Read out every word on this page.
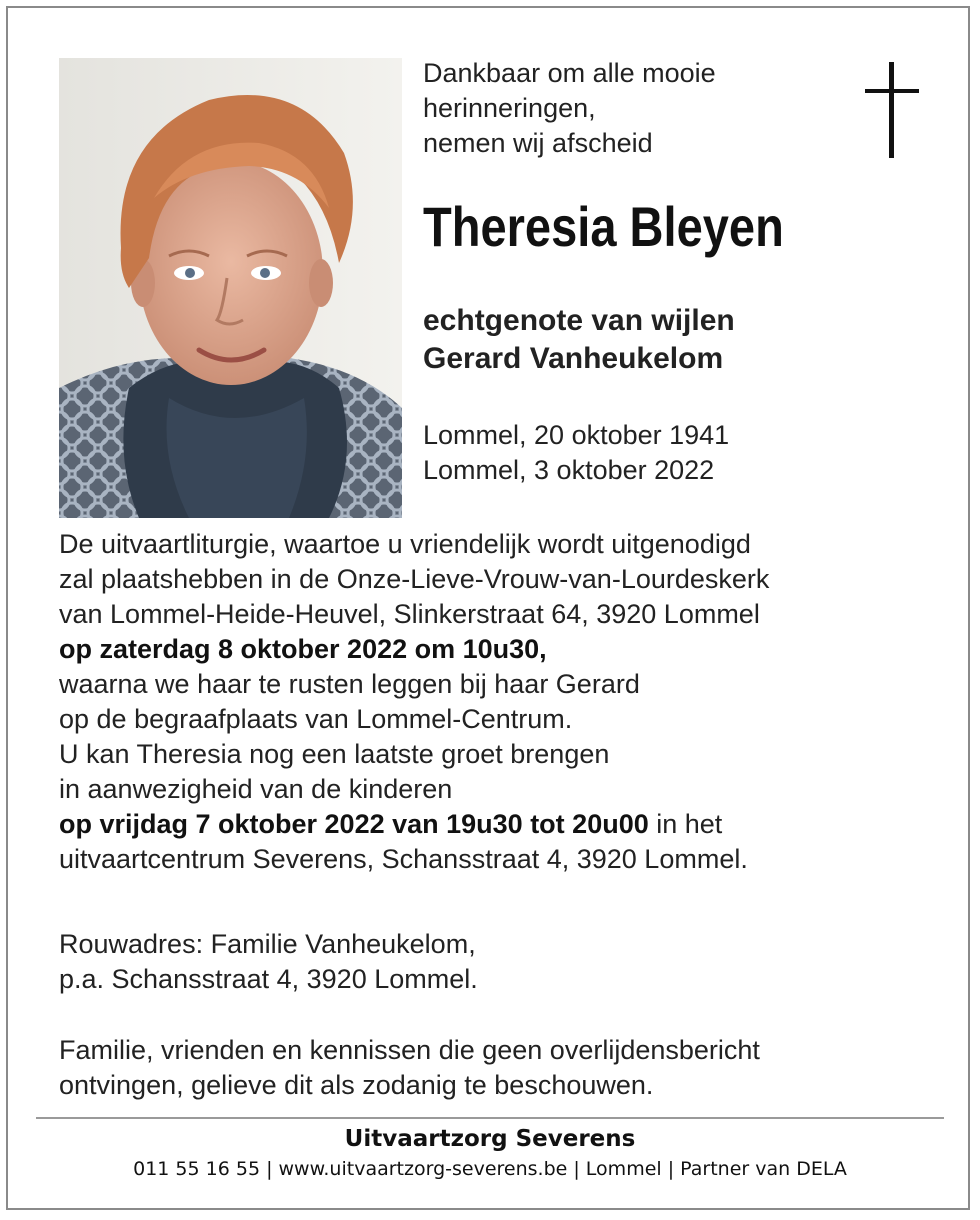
Dankbaar om alle mooie
herinneringen,
nemen wij afscheid
Theresia Bleyen
echtgenote van wijlen
Gerard Vanheukelom
Lommel, 20 oktober 1941
Lommel, 3 oktober 2022
De uitvaartliturgie, waartoe u vriendelijk wordt uitgenodigd
zal plaatshebben in de Onze-Lieve-Vrouw-van-Lourdeskerk
van Lommel-Heide-Heuvel, Slinkerstraat 64, 3920 Lommel
op zaterdag 8 oktober 2022 om 10u30,
waarna we haar te rusten leggen bij haar Gerard
op de begraafplaats van Lommel-Centrum.
U kan Theresia nog een laatste groet brengen
in aanwezigheid van de kinderen
op vrijdag 7 oktober 2022 van 19u30 tot 20u00 in het
uitvaartcentrum Severens, Schansstraat 4, 3920 Lommel.
Rouwadres: Familie Vanheukelom,
p.a. Schansstraat 4, 3920 Lommel.
Familie, vrienden en kennissen die geen overlijdensbericht
ontvingen, gelieve dit als zodanig te beschouwen.
Uitvaartzorg Severens
011 55 16 55 | www.uitvaartzorg-severens.be | Lommel | Partner van DELA
